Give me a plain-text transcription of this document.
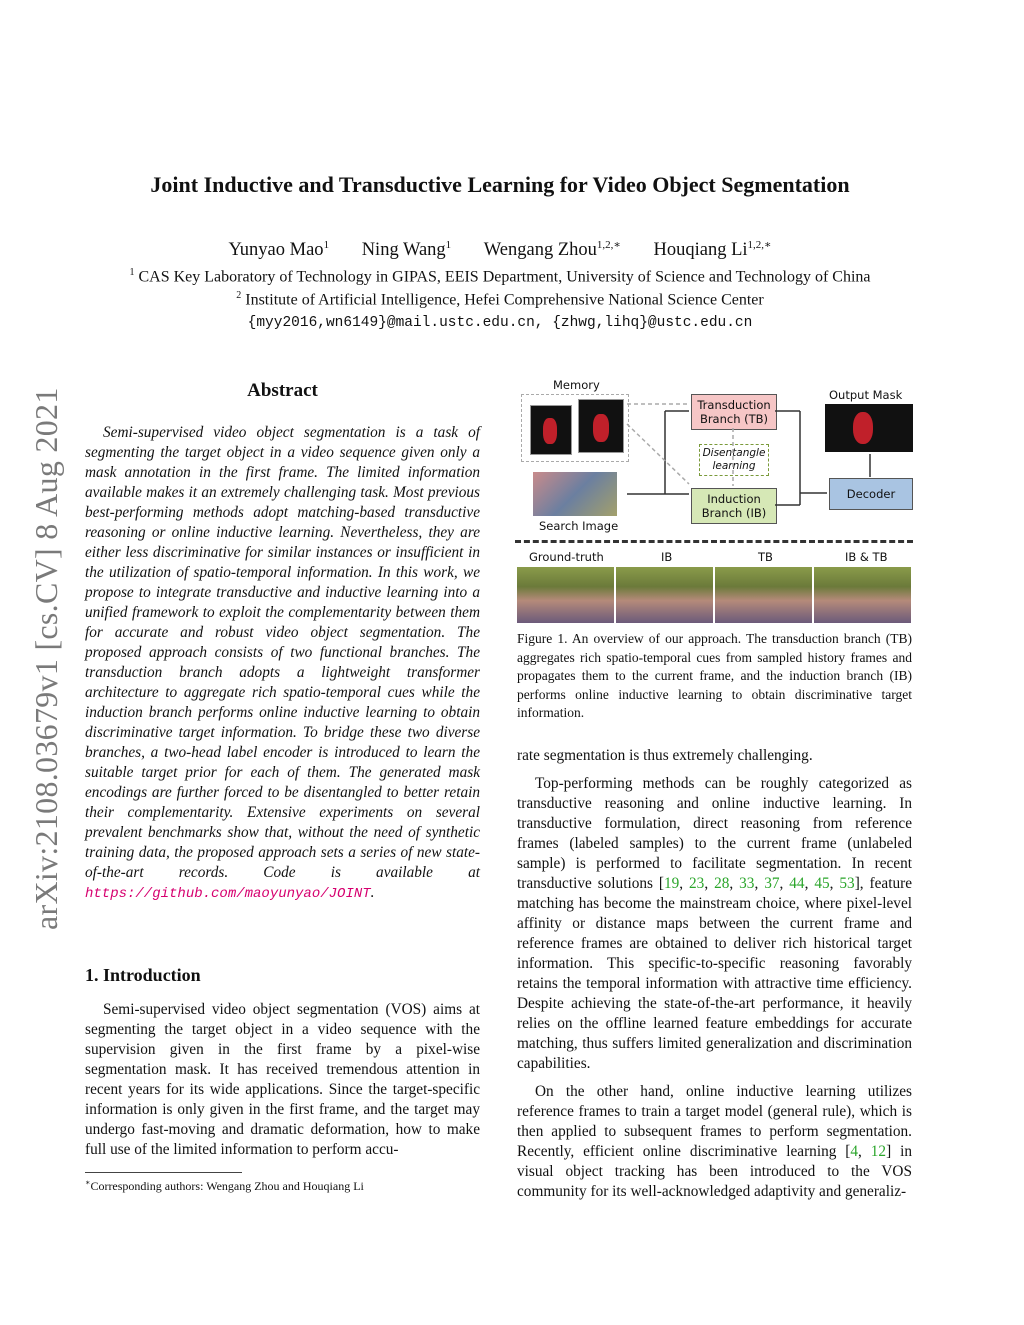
Joint Inductive and Transductive Learning for Video Object Segmentation
Yunyao Mao$^1$ Ning Wang$^1$ Wengang Zhou$^{1,2,∗}$ Houqiang $Li^{1,2,∗}$
$^1$ CAS Key Laboratory of Technology in GIPAS, EEIS Department, University of Science and Technology of China
$^2$ Institute of Artificial Intelligence, Hefei Comprehensive National Science Center
{myy2016,wn6149}@mail.ustc.edu.cn, {zhwg,lihq}@ustc.edu.cn
arXiv:2108.03679v1 [cs.CV] 8 Aug 2021	Abstract
Semi-supervised video object segmentation is a task of segmenting the target object in a video sequence given only a mask annotation in the first frame. The limited information available makes it an extremely challenging task. Most previous best-performing methods adopt matching-based transductive reasoning or online inductive learning. Nevertheless, they are either less discriminative for similar instances or insufficient in the utilization of spatio-temporal information. In this work, we propose to integrate transductive and inductive learning into a unified framework to exploit the complementarity between them for accurate and robust video object segmentation. The proposed approach consists of two functional branches. The transduction branch adopts a lightweight transformer architecture to aggregate rich spatio-temporal cues while the induction branch performs online inductive learning to obtain discriminative target information. To bridge these two diverse branches, a two-head label encoder is introduced to learn the suitable target prior for each of them. The generated mask encodings are further forced to be disentangled to better retain their complementarity. Extensive experiments on several prevalent benchmarks show that, without the need of synthetic training data, the proposed approach sets a series of new state-of-the-art records. Code is available at https://github.com/maoyunyao/JOINT.
1. Introduction
Semi-supervised video object segmentation (VOS) aims at segmenting the target object in a video sequence with the supervision given in the first frame by a pixel-wise segmentation mask. It has received tremendous attention in recent years for its wide applications. Since the target-specific information is only given in the first frame, and the target may undergo fast-moving and dramatic deformation, how to make full use of the limited information to perform accu-
∗Corresponding authors: Wengang Zhou and Houqiang Li
Memory
Search Image
Transduction Branch (TB)
Disentangle learning
Induction Branch (IB)
Output Mask
Decoder
Ground-truth	IB	TB	IB & TB
Figure 1. An overview of our approach. The transduction branch (TB) aggregates rich spatio-temporal cues from sampled history frames and propagates them to the current frame, and the induction branch (IB) performs online inductive learning to obtain discriminative target information.

rate segmentation is thus extremely challenging.

Top-performing methods can be roughly categorized as transductive reasoning and online inductive learning. In transductive formulation, direct reasoning from reference frames (labeled samples) to the current frame (unlabeled sample) is performed to facilitate segmentation. In recent transductive solutions [19, 23, 28, 33, 37, 44, 45, 53], feature matching has become the mainstream choice, where pixel-level affinity or distance maps between the current frame and reference frames are obtained to deliver rich historical target information. This specific-to-specific reasoning favorably retains the temporal information with attractive time efficiency. Despite achieving the state-of-the-art performance, it heavily relies on the offline learned feature embeddings for accurate matching, thus suffers limited generalization and discrimination capabilities.

On the other hand, online inductive learning utilizes reference frames to train a target model (general rule), which is then applied to subsequent frames to perform segmentation. Recently, efficient online discriminative learning [4, 12] in visual object tracking has been introduced to the VOS community for its well-acknowledged adaptivity and generaliz-
